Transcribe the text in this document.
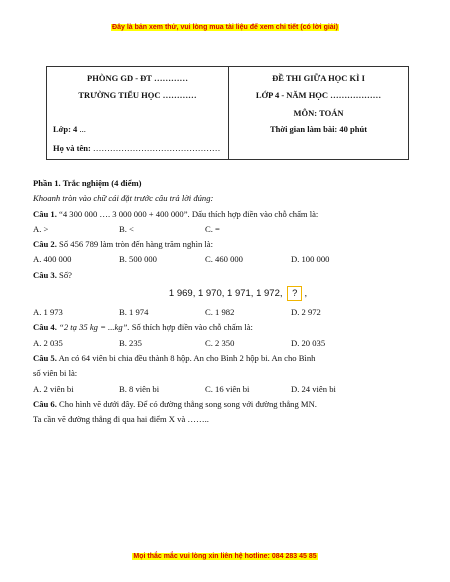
Đây là bản xem thử, vui lòng mua tài liệu để xem chi tiết (có lời giải)
PHÒNG GD - ĐT …………
TRƯỜNG TIỂU HỌC …………
Lớp: 4 ...
Họ và tên: ………………………………………
ĐỀ THI GIỮA HỌC KÌ I
LỚP 4 - NĂM HỌC ………………
MÔN: TOÁN
Thời gian làm bài: 40 phút

Phần 1. Trắc nghiệm (4 điểm)

Khoanh tròn vào chữ cái đặt trước câu trả lời đúng:

Câu 1. “4 300 000 …. 3 000 000 + 400 000”. Dấu thích hợp điền vào chỗ chấm là:

A. >	B. <	C. =

Câu 2. Số 456 789 làm tròn đến hàng trăm nghìn là:

A. 400 000	B. 500 000	C. 460 000	D. 100 000

Câu 3. Số?

1 969, 1 970, 1 971, 1 972, ? ,
A. 1 973	B. 1 974	C. 1 982	D. 2 972

Câu 4. “2 tạ 35 kg = ...kg”. Số thích hợp điền vào chỗ chấm là:

A. 2 035	B. 235	C. 2 350	D. 20 035

Câu 5. An có 64 viên bi chia đều thành 8 hộp. An cho Bình 2 hộp bi. An cho Bình

số viên bi là:

A. 2 viên bi	B. 8 viên bi	C. 16 viên bi	D. 24 viên bi

Câu 6. Cho hình vẽ dưới đây. Để có đường thẳng song song với đường thẳng MN.

Ta cần vẽ đường thẳng đi qua hai điểm X và ……..

Mọi thắc mắc vui lòng xin liên hệ hotline: 084 283 45 85
